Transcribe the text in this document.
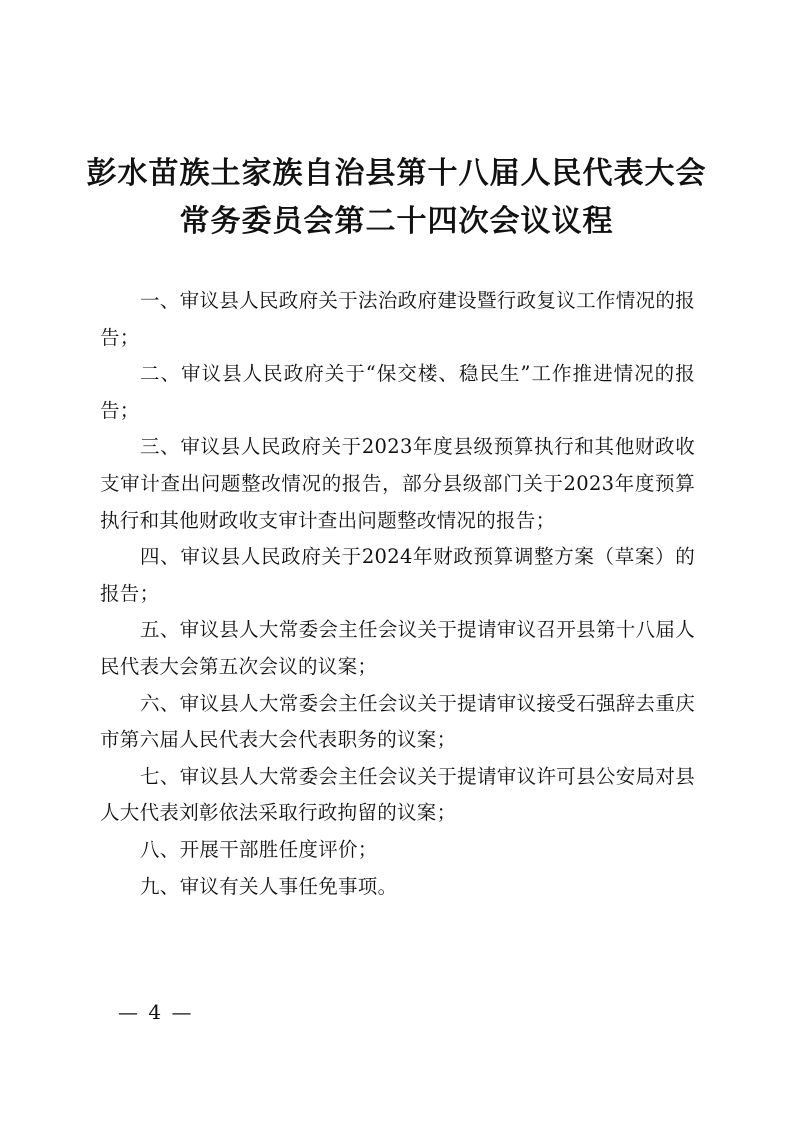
彭水苗族土家族自治县第十八届人民代表大会
常务委员会第二十四次会议议程
一、审议县人民政府关于法治政府建设暨行政复议工作情况的报告；
二、审议县人民政府关于“保交楼、稳民生”工作推进情况的报告；
三、审议县人民政府关于2023年度县级预算执行和其他财政收支审计查出问题整改情况的报告，部分县级部门关于2023年度预算执行和其他财政收支审计查出问题整改情况的报告；
四、审议县人民政府关于2024年财政预算调整方案（草案）的报告；
五、审议县人大常委会主任会议关于提请审议召开县第十八届人民代表大会第五次会议的议案；
六、审议县人大常委会主任会议关于提请审议接受石强辞去重庆市第六届人民代表大会代表职务的议案；
七、审议县人大常委会主任会议关于提请审议许可县公安局对县人大代表刘彰依法采取行政拘留的议案；
八、开展干部胜任度评价；
九、审议有关人事任免事项。
— 4 —
